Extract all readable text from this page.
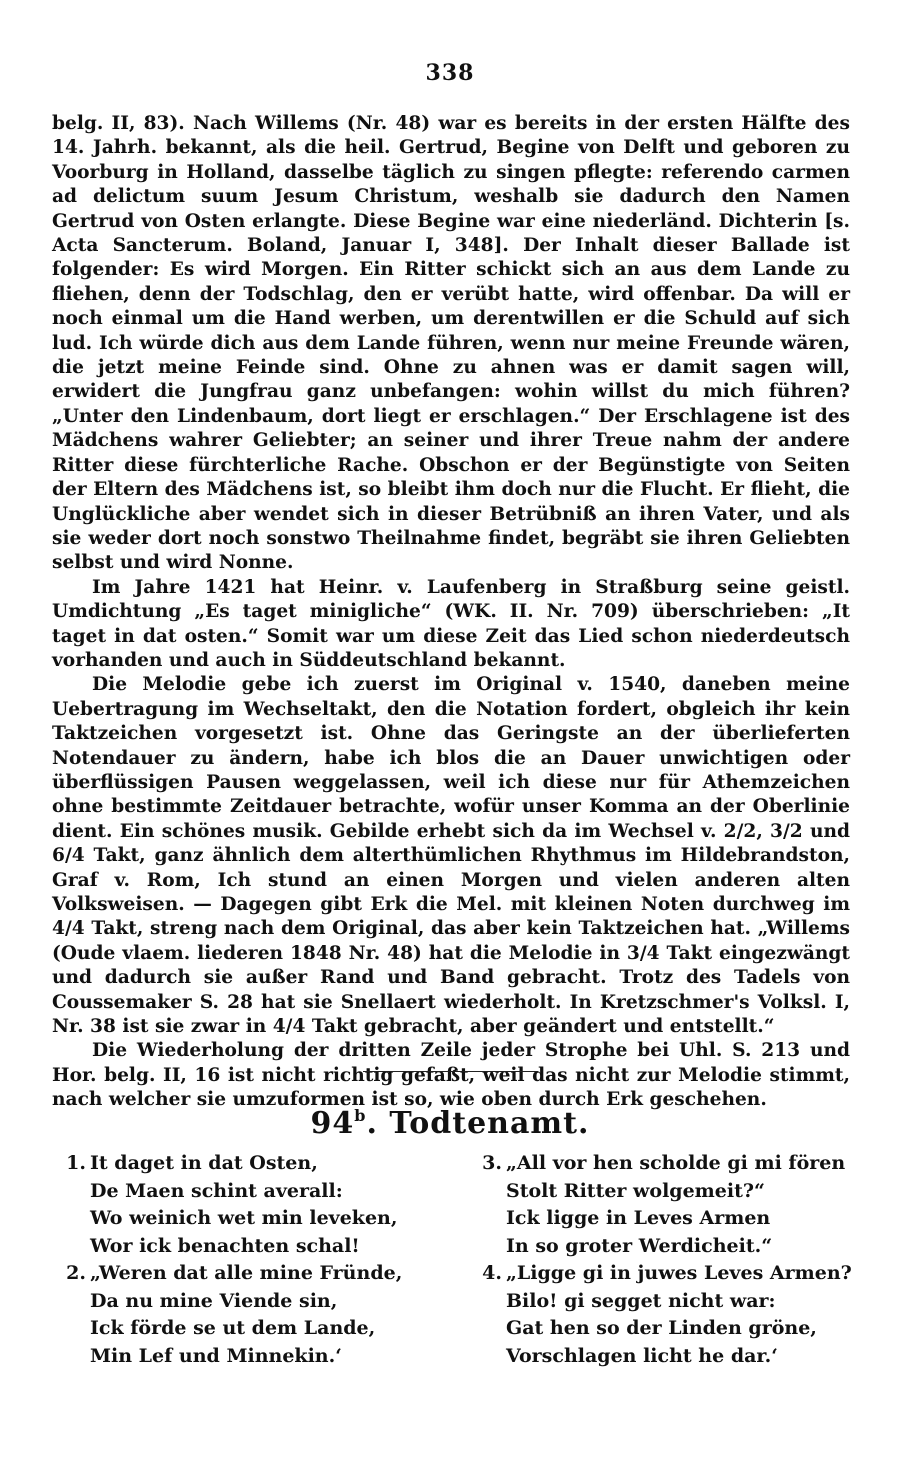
338

belg. II, 83). Nach Willems (Nr. 48) war es bereits in der ersten Hälfte des 14. Jahrh. bekannt, als die heil. Gertrud, Begine von Delft und geboren zu Voorburg in Holland, dasselbe täglich zu singen pflegte: referendo carmen ad delictum suum Jesum Christum, weshalb sie dadurch den Namen Gertrud von Osten erlangte. Diese Begine war eine niederländ. Dichterin [s. Acta Sancterum. Boland, Januar I, 348]. Der Inhalt dieser Ballade ist folgender: Es wird Morgen. Ein Ritter schickt sich an aus dem Lande zu fliehen, denn der Todschlag, den er verübt hatte, wird offenbar. Da will er noch einmal um die Hand werben, um derentwillen er die Schuld auf sich lud. Ich würde dich aus dem Lande führen, wenn nur meine Freunde wären, die jetzt meine Feinde sind. Ohne zu ahnen was er damit sagen will, erwidert die Jungfrau ganz unbefangen: wohin willst du mich führen? „Unter den Lindenbaum, dort liegt er erschlagen.“ Der Erschlagene ist des Mädchens wahrer Geliebter; an seiner und ihrer Treue nahm der andere Ritter diese fürchterliche Rache. Obschon er der Begünstigte von Seiten der Eltern des Mädchens ist, so bleibt ihm doch nur die Flucht. Er flieht, die Unglückliche aber wendet sich in dieser Betrübniß an ihren Vater, und als sie weder dort noch sonstwo Theilnahme findet, begräbt sie ihren Geliebten selbst und wird Nonne.

Im Jahre 1421 hat Heinr. v. Laufenberg in Straßburg seine geistl. Umdichtung „Es taget minigliche“ (WK. II. Nr. 709) überschrieben: „It taget in dat osten.“ Somit war um diese Zeit das Lied schon niederdeutsch vorhanden und auch in Süddeutschland bekannt.

Die Melodie gebe ich zuerst im Original v. 1540, daneben meine Uebertragung im Wechseltakt, den die Notation fordert, obgleich ihr kein Taktzeichen vorgesetzt ist. Ohne das Geringste an der überlieferten Notendauer zu ändern, habe ich blos die an Dauer unwichtigen oder überflüssigen Pausen weggelassen, weil ich diese nur für Athemzeichen ohne bestimmte Zeitdauer betrachte, wofür unser Komma an der Oberlinie dient. Ein schönes musik. Gebilde erhebt sich da im Wechsel v. 2/2, 3/2 und 6/4 Takt, ganz ähnlich dem alterthümlichen Rhythmus im Hildebrandston, Graf v. Rom, Ich stund an einen Morgen und vielen anderen alten Volksweisen. — Dagegen gibt Erk die Mel. mit kleinen Noten durchweg im 4/4 Takt, streng nach dem Original, das aber kein Taktzeichen hat. „Willems (Oude vlaem. liederen 1848 Nr. 48) hat die Melodie in 3/4 Takt eingezwängt und dadurch sie außer Rand und Band gebracht. Trotz des Tadels von Coussemaker S. 28 hat sie Snellaert wiederholt. In Kretzschmer's Volksl. I, Nr. 38 ist sie zwar in 4/4 Takt gebracht, aber geändert und entstellt.“

Die Wiederholung der dritten Zeile jeder Strophe bei Uhl. S. 213 und Hor. belg. II, 16 ist nicht richtig gefaßt, weil das nicht zur Melodie stimmt, nach welcher sie umzuformen ist so, wie oben durch Erk geschehen.

94$^b$. Todtenamt.
1. It daget in dat Osten,
De Maen schint averall:
Wo weinich wet min leveken,
Wor ick benachten schal!
2. „Weren dat alle mine Fründe,
Da nu mine Viende sin,
Ick förde se ut dem Lande,
Min Lef und Minnekin.‘
3. „All vor hen scholde gi mi fören
Stolt Ritter wolgemeit?“
Ick ligge in Leves Armen
In so groter Werdicheit.“
4. „Ligge gi in juwes Leves Armen?
Bilo! gi segget nicht war:
Gat hen so der Linden gröne,
Vorschlagen licht he dar.‘
